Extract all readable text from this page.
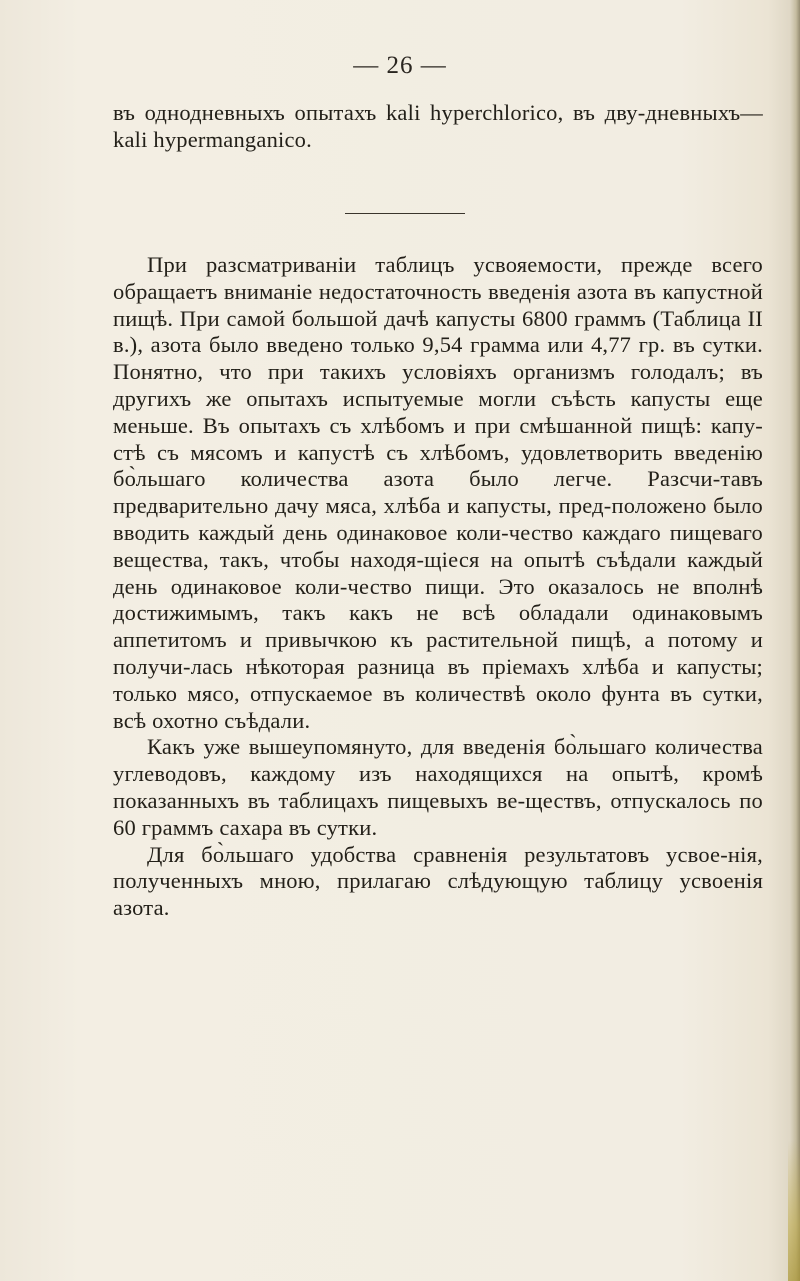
— 26 —

въ однодневныхъ опытахъ kali hyperchloricо, въ дву-дневныхъ—kali hypermanganicо.

При разсматриваніи таблицъ усвояемости, прежде всего обращаетъ вниманіе недостаточность введенія азота въ капустной пищѣ. При самой большой дачѣ капусты 6800 граммъ (Таблица II в.), азота было введено только 9,54 грамма или 4,77 гр. въ сутки. Понятно, что при такихъ условіяхъ организмъ голодалъ; въ другихъ же опытахъ испытуемые могли съѣсть капусты еще меньше. Въ опытахъ съ хлѣбомъ и при смѣшанной пищѣ: капу-стѣ съ мясомъ и капустѣ съ хлѣбомъ, удовлетворить введенію бо̀льшаго количества азота было легче. Разсчи-тавъ предварительно дачу мяса, хлѣба и капусты, пред-положено было вводить каждый день одинаковое коли-чество каждаго пищеваго вещества, такъ, чтобы находя-щіеся на опытѣ съѣдали каждый день одинаковое коли-чество пищи. Это оказалось не вполнѣ достижимымъ, такъ какъ не всѣ обладали одинаковымъ аппетитомъ и привычкою къ растительной пищѣ, а потому и получи-лась нѣкоторая разница въ пріемахъ хлѣба и капусты; только мясо, отпускаемое въ количествѣ около фунта въ сутки, всѣ охотно съѣдали.

Какъ уже вышеупомянуто, для введенія бо̀льшаго количества углеводовъ, каждому изъ находящихся на опытѣ, кромѣ показанныхъ въ таблицахъ пищевыхъ ве-ществъ, отпускалось по 60 граммъ сахара въ сутки.

Для бо̀льшаго удобства сравненія результатовъ усвое-нія, полученныхъ мною, прилагаю слѣдующую таблицу усвоенія азота.
